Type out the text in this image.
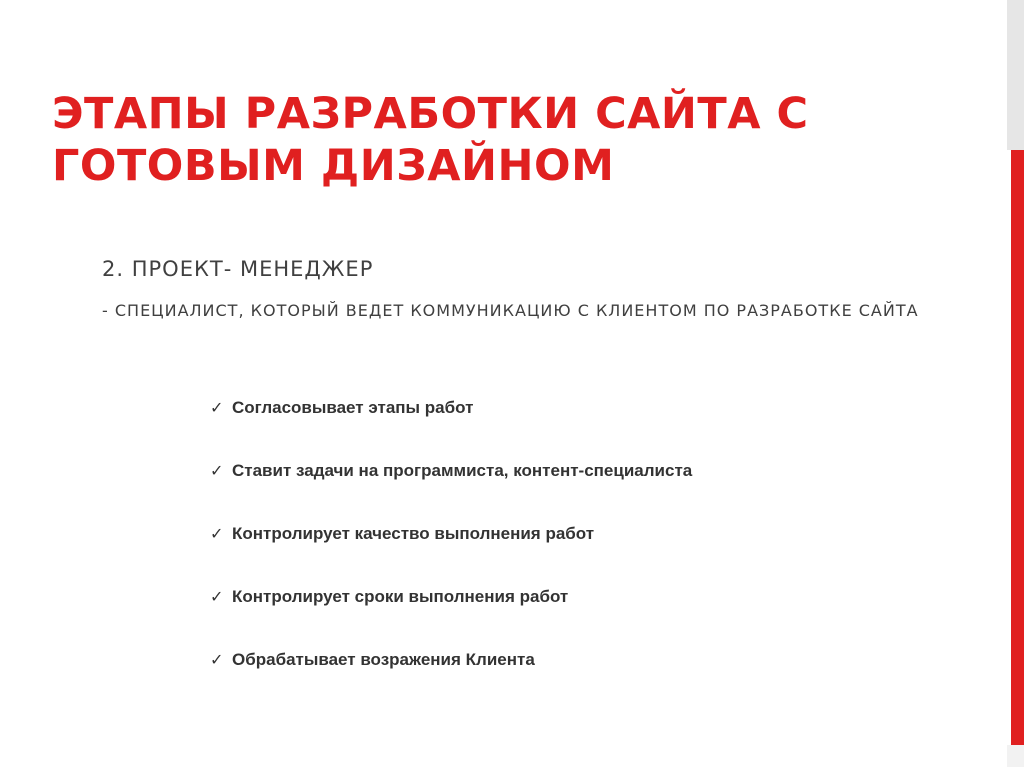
ЭТАПЫ РАЗРАБОТКИ САЙТА С ГОТОВЫМ ДИЗАЙНОМ

2. ПРОЕКТ- МЕНЕДЖЕР

- СПЕЦИАЛИСТ, КОТОРЫЙ ВЕДЕТ КОММУНИКАЦИЮ С КЛИЕНТОМ ПО РАЗРАБОТКЕ САЙТА

✓ Согласовывает этапы работ
✓ Ставит задачи на программиста, контент-специалиста
✓ Контролирует качество выполнения работ
✓ Контролирует сроки выполнения работ
✓ Обрабатывает возражения Клиента
